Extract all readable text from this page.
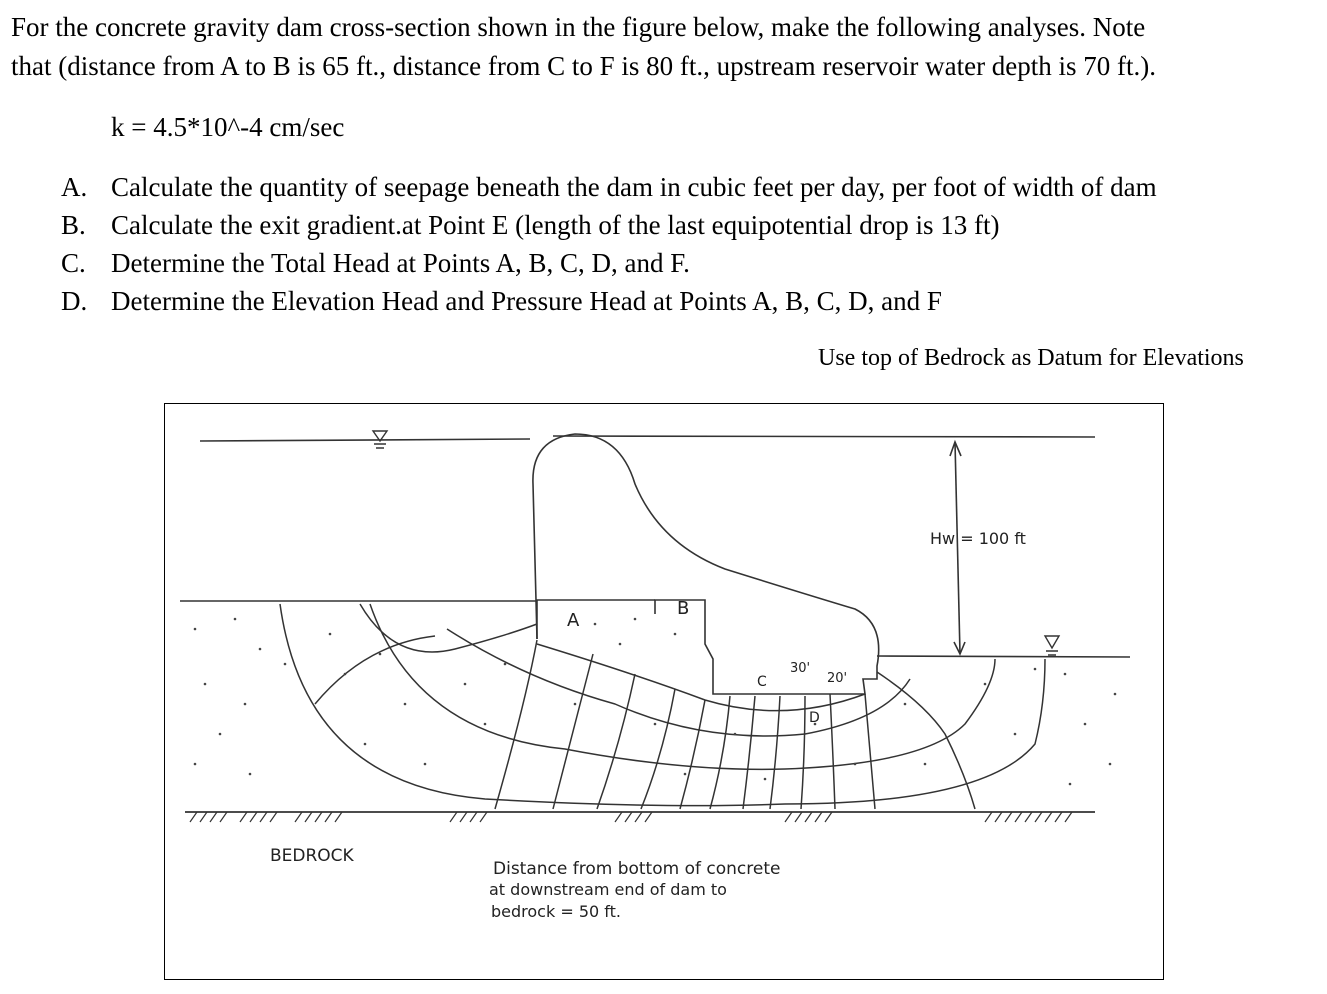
For the concrete gravity dam cross-section shown in the figure below, make the following analyses. Note
that (distance from A to B is 65 ft., distance from C to F is 80 ft., upstream reservoir water depth is 70 ft.).
k = 4.5*10^-4 cm/sec
A. Calculate the quantity of seepage beneath the dam in cubic feet per day, per foot of width of dam
B. Calculate the exit gradient.at Point E (length of the last equipotential drop is 13 ft)
C. Determine the Total Head at Points A, B, C, D, and F.
D. Determine the Elevation Head and Pressure Head at Points A, B, C, D, and F
Use top of Bedrock as Datum for Elevations
A
B
C
D
30'
20'
Hw = 100 ft
BEDROCK
Distance from bottom of concrete
at downstream end of dam to
bedrock = 50 ft.
